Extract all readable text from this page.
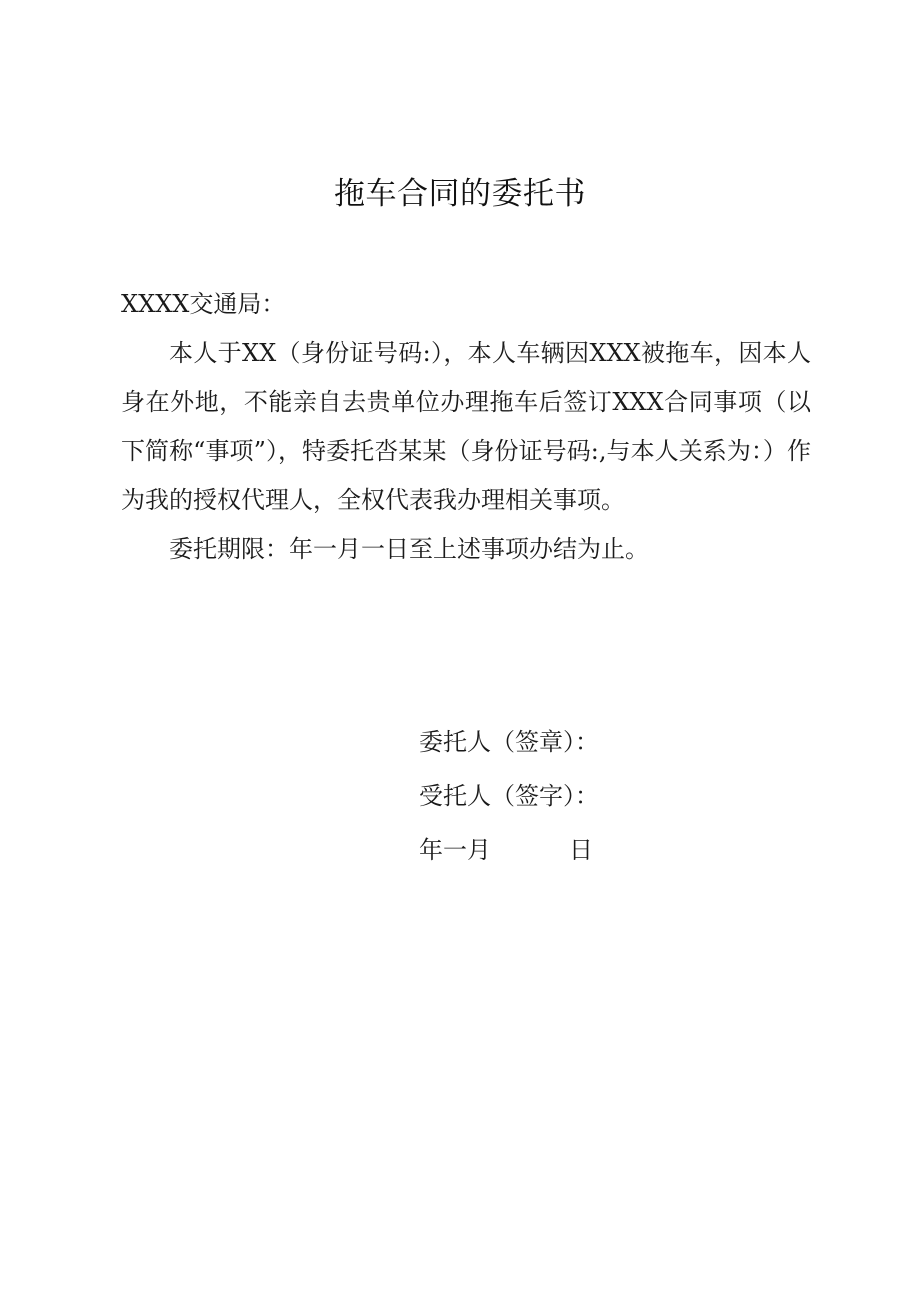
拖车合同的委托书

XXXX交通局：

本人于XX（身份证号码:），本人车辆因XXX被拖车，因本人身在外地，不能亲自去贵单位办理拖车后签订XXX合同事项（以下简称“事项”），特委托呇某某（身份证号码:,与本人关系为：）作为我的授权代理人，全权代表我办理相关事项。

委托期限：年一月一日至上述事项办结为止。

委托人（签章）：

受托人（签字）：

年一月	日
